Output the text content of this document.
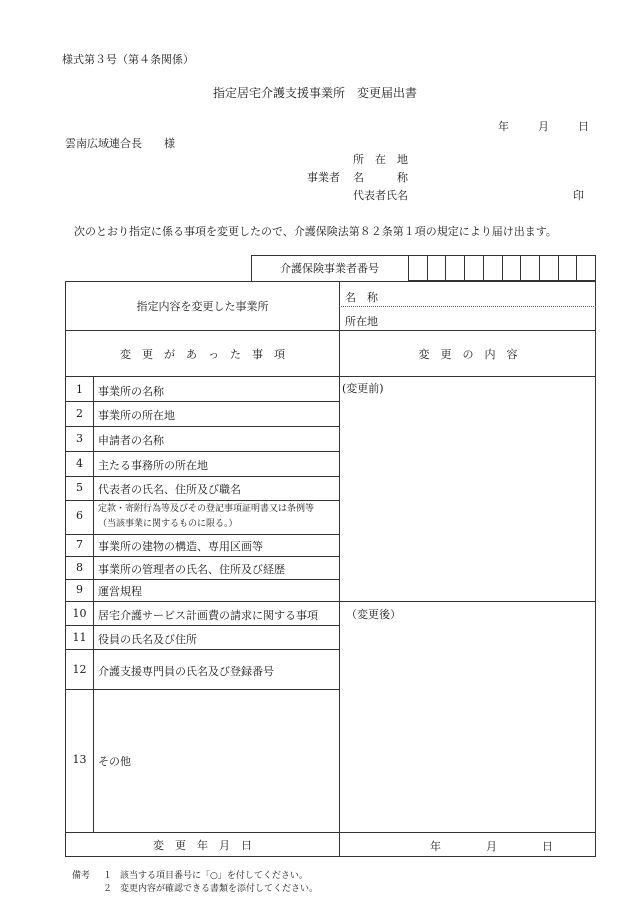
様式第３号（第４条関係）
指定居宅介護支援事業所　変更届出書
年	月	日
雲南広域連合長　　様
所　在　地
事業者 名　　　称
代表者氏名	印
次のとおり指定に係る事項を変更したので、介護保険法第８２条第１項の規定により届け出ます。
介護保険事業者番号
指定内容を変更した事業所
名　称
所在地
変　更　が　あ　っ　た　事　項	変　更　の　内　容
1	事業所の名称
2	事業所の所在地
3	申請者の名称
4	主たる事務所の所在地
5	代表者の氏名、住所及び職名
6	定款・寄附行為等及びその登記事項証明書又は条例等
（当該事業に関するものに限る。）
7	事業所の建物の構造、専用区画等
8	事業所の管理者の氏名、住所及び経歴
9	運営規程
10	居宅介護サービス計画費の請求に関する事項
11	役員の氏名及び住所
12	介護支援専門員の氏名及び登録番号
13	その他
(変更前)
（変更後）
変　更　年　月　日	年	月	日
備考 １ 該当する項目番号に「○」を付してください。
２ 変更内容が確認できる書類を添付してください。
